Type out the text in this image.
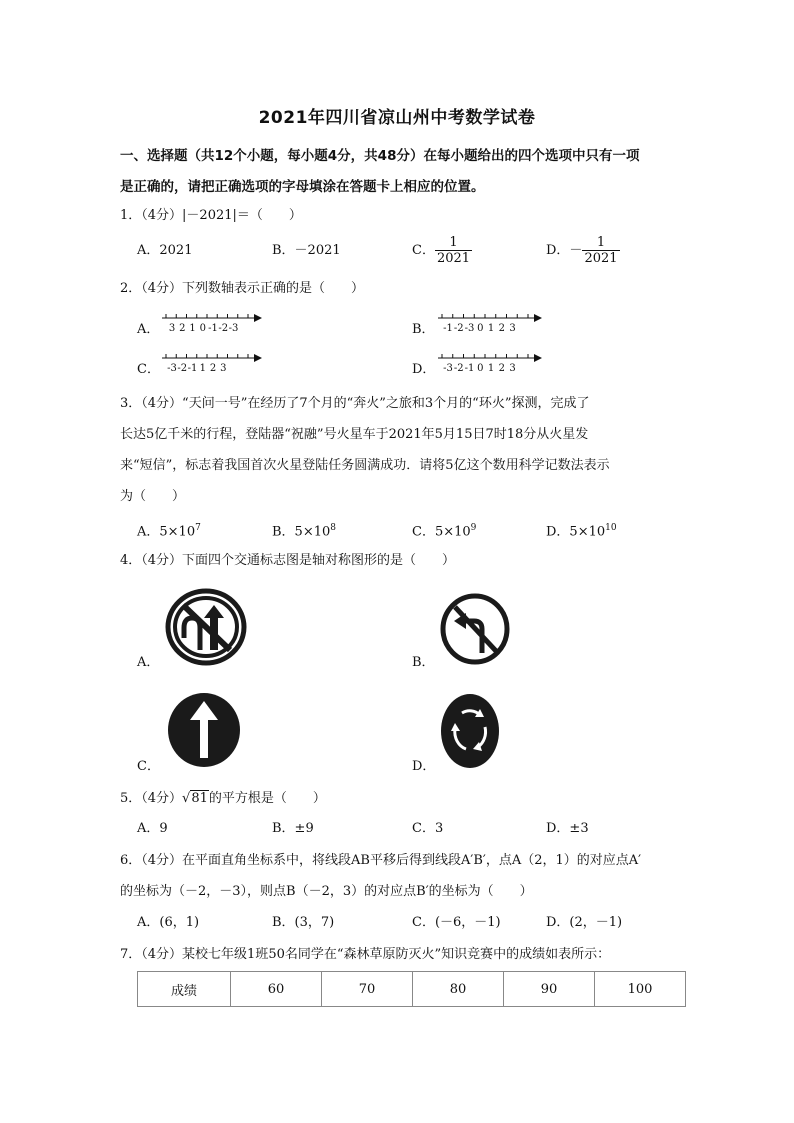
2021年四川省凉山州中考数学试卷
一、选择题（共12个小题，每小题4分，共48分）在每小题给出的四个选项中只有一项
是正确的，请把正确选项的字母填涂在答题卡上相应的位置。
1．（4分）|－2021|＝（　　）
A．2021	B．－2021	C． $\frac{1}{2021}$	D．－ $\frac{1}{2021}$
2．（4分）下列数轴表示正确的是（　　）
A． 3 2 1 0 -1 -2 -3	B． -1 -2 -3 0 1 2 3
C． -3 -2 -1 1 2 3	D． -3 -2 -1 0 1 2 3
3．（4分）“天问一号”在经历了7个月的“奔火”之旅和3个月的“环火”探测，完成了
长达5亿千米的行程，登陆器“祝融”号火星车于2021年5月15日7时18分从火星发
来“短信”，标志着我国首次火星登陆任务圆满成功．请将5亿这个数用科学记数法表示
为（　　）
A．$5\times 10^7$	B．$5\times 10^8$	C．$5\times 10^9$	D．$5\times 10^{10}$
4．（4分）下面四个交通标志图是轴对称图形的是（　　）
A．	B．
C．	D．
5．（4分）√81的平方根是（　　）
A．9	B．±9	C．3	D．±3
6．（4分）在平面直角坐标系中，将线段AB平移后得到线段A′B′，点A（2，1）的对应点A′
的坐标为（－2，－3），则点B（－2，3）的对应点B′的坐标为（　　）
A．(6，1)	B．(3，7)	C．(－6，－1)	D．(2，－1)
7．（4分）某校七年级1班50名同学在“森林草原防灭火”知识竞赛中的成绩如表所示：
成绩	60	70	80	90	100
